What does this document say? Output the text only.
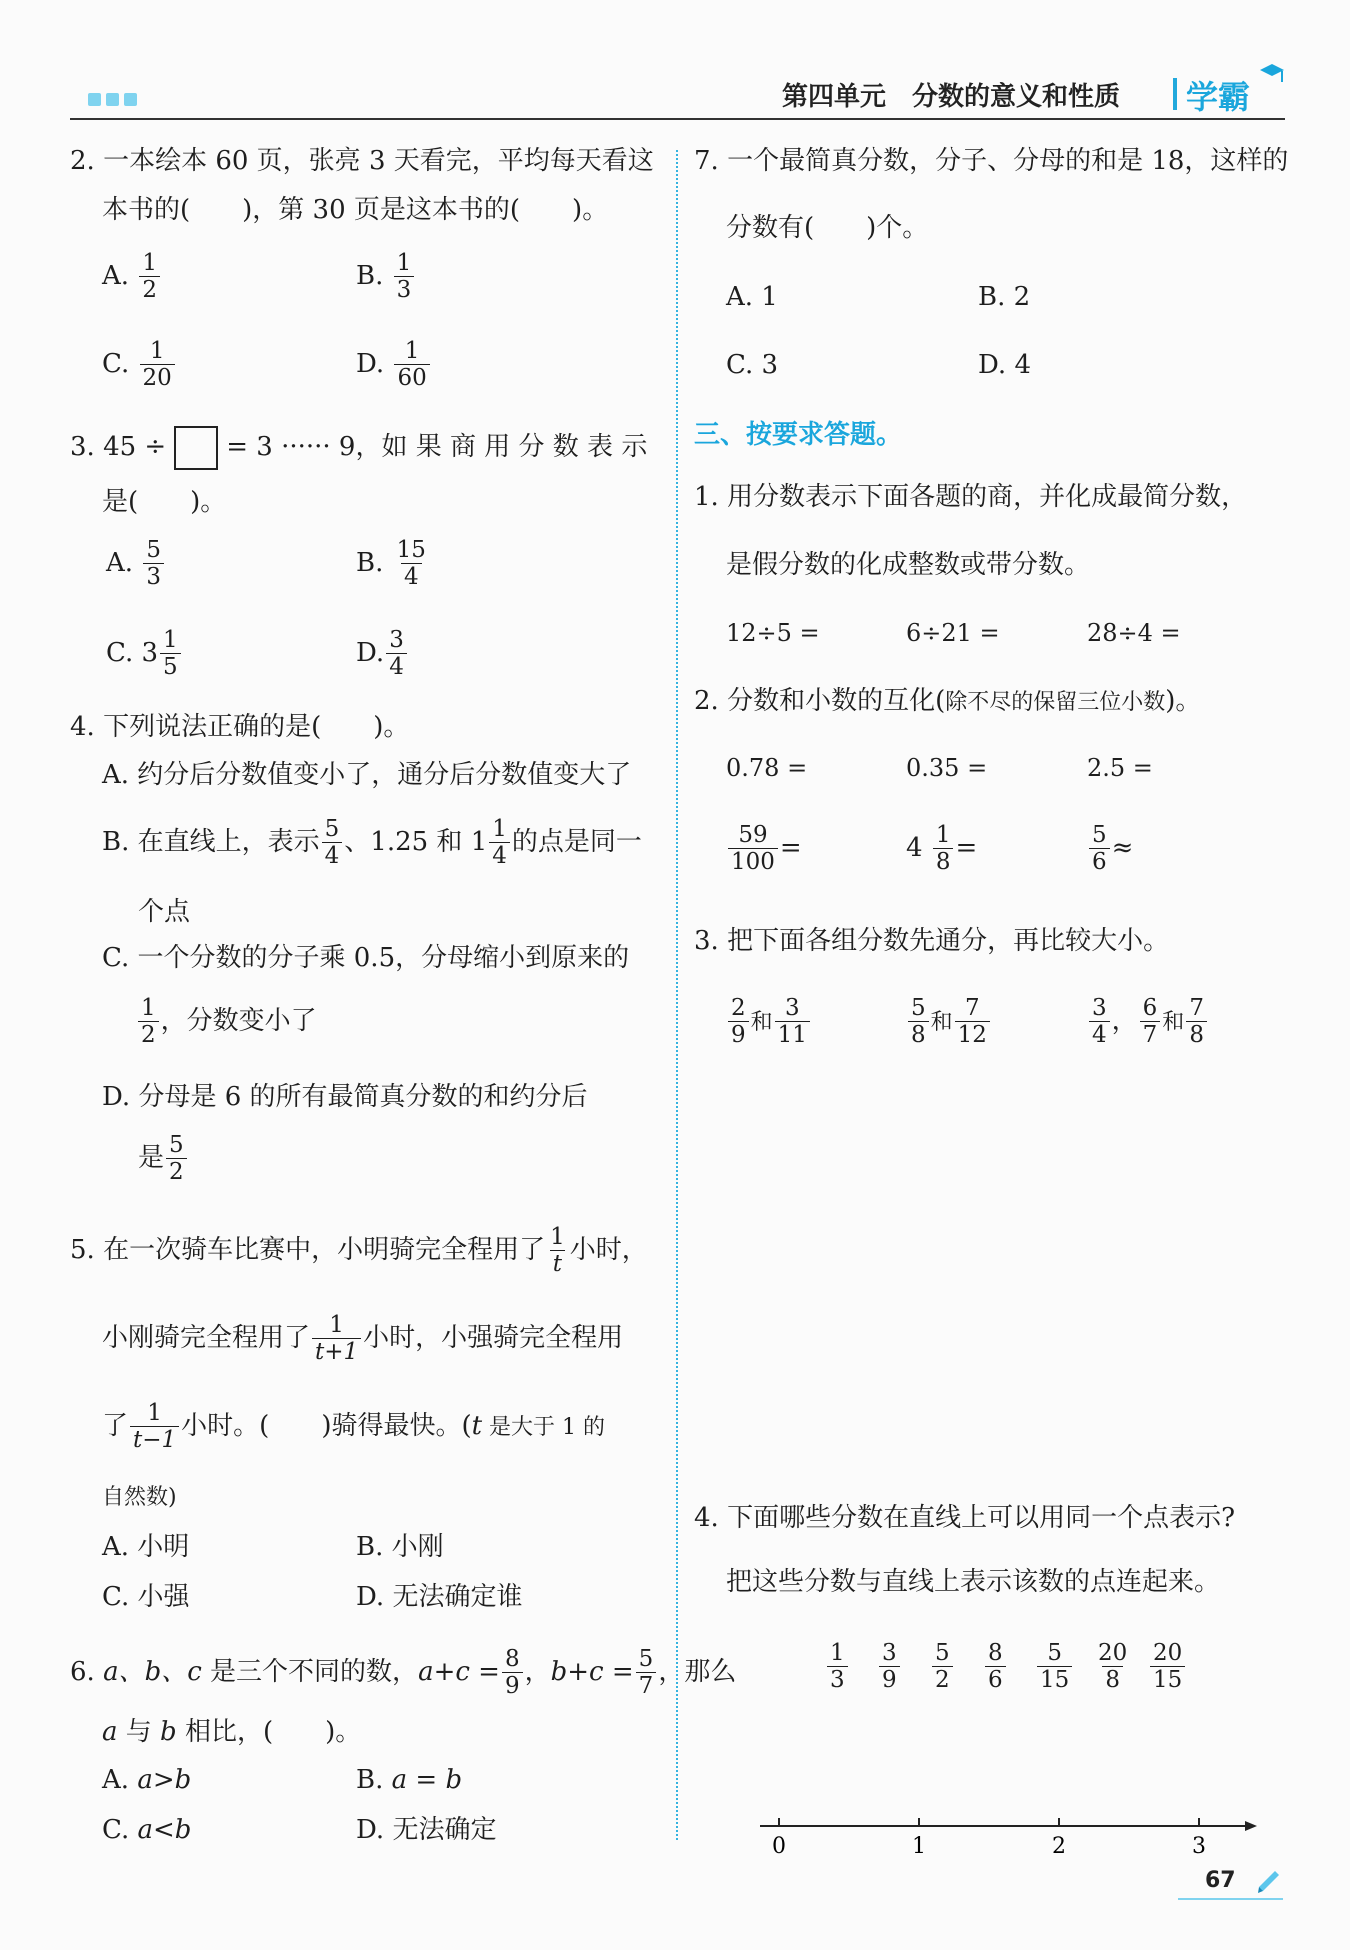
第四单元　分数的意义和性质 学霸
2. 一本绘本 60 页，张亮 3 天看完，平均每天看这
本书的(　　)，第 30 页是这本书的(　　)。
A. $\frac{1}{2}$	B. $\frac{1}{3}$
C. $\frac{1}{20}$	D. $\frac{1}{60}$
3. 45 ÷ = 3 ······ 9，如 果 商 用 分 数 表 示
是(　　)。
A. $\frac{5}{3}$	B. $\frac{15}{4}$
C. $3 \frac{1}{5}$	D. $\frac{3}{4}$
4. 下列说法正确的是(　　)。
A. 约分后分数值变小了，通分后分数值变大了
B. 在直线上，表示 $\frac{5}{4}$ 、1.25 和 $1 \frac{1}{4}$ 的点是同一
个点
C. 一个分数的分子乘 0.5，分母缩小到原来的
$\frac{1}{2}$ ，分数变小了
D. 分母是 6 的所有最简真分数的和约分后
是 $\frac{5}{2}$
5. 在一次骑车比赛中，小明骑完全程用了 $\frac{1}{t}$ 小时，
小刚骑完全程用了 $\frac{1}{t+1}$ 小时，小强骑完全程用
了 $\frac{1}{t-1}$ 小时。(　　)骑得最快。(t 是大于 1 的
自然数)
A. 小明	B. 小刚
C. 小强	D. 无法确定谁
6. a、b、c 是三个不同的数，$a+c = \frac{8}{9}$ ，$b+c = \frac{5}{7}$ ，那么
a 与 b 相比，(　　)。
A. a>b	B. a = b
C. a<b	D. 无法确定
7. 一个最简真分数，分子、分母的和是 18，这样的
分数有(　　)个。
A. 1	B. 2
C. 3	D. 4
三、按要求答题。
1. 用分数表示下面各题的商，并化成最简分数，
是假分数的化成整数或带分数。
12÷5 =	6÷21 =	28÷4 =
2. 分数和小数的互化(除不尽的保留三位小数)。
0.78 =	0.35 =	2.5 =
$\frac{59}{100}$ =	$4 \frac{1}{8}$ =	$\frac{5}{6}$ ≈
3. 把下面各组分数先通分，再比较大小。
$\frac{2}{9}$ 和 $\frac{3}{11}$	$\frac{5}{8}$ 和 $\frac{7}{12}$	$\frac{3}{4}$ ， $\frac{6}{7}$ 和 $\frac{7}{8}$
4. 下面哪些分数在直线上可以用同一个点表示?
把这些分数与直线上表示该数的点连起来。
1
3
3
9
5
2
8
6
5
15
20
8
20
15
0	1	2	3
67
